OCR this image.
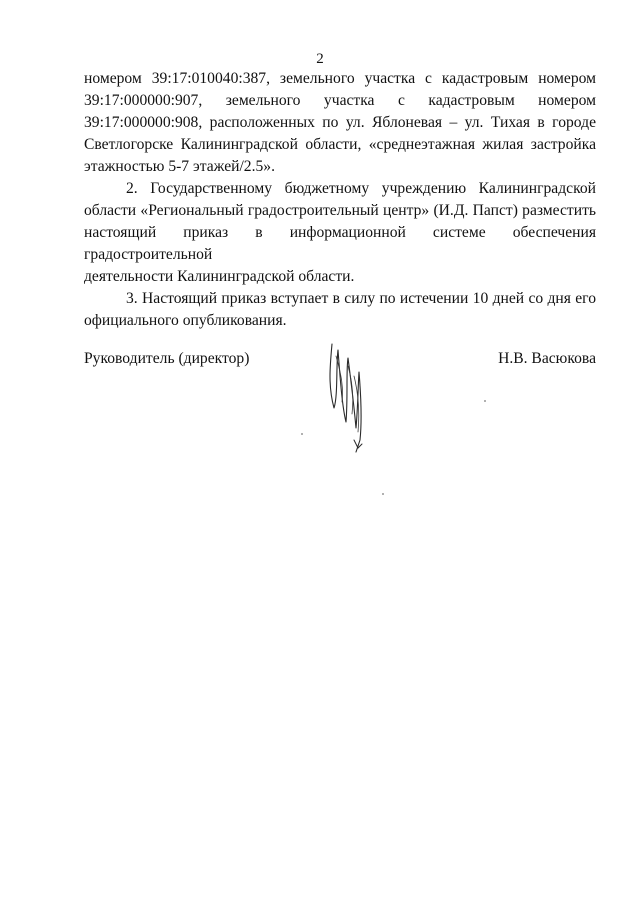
2

номером 39:17:010040:387, земельного участка с кадастровым номером
39:17:000000:907, земельного участка с кадастровым номером
39:17:000000:908, расположенных по ул. Яблоневая – ул. Тихая в городе
Светлогорске Калининградской области, «среднеэтажная жилая застройка
этажностью 5-7 этажей/2.5».

2. Государственному бюджетному учреждению Калининградской
области «Региональный градостроительный центр» (И.Д. Папст) разместить
настоящий приказ в информационной системе обеспечения градостроительной
деятельности Калининградской области.

3. Настоящий приказ вступает в силу по истечении 10 дней со дня его
официального опубликования.

Руководитель (директор)	Н.В. Васюкова
